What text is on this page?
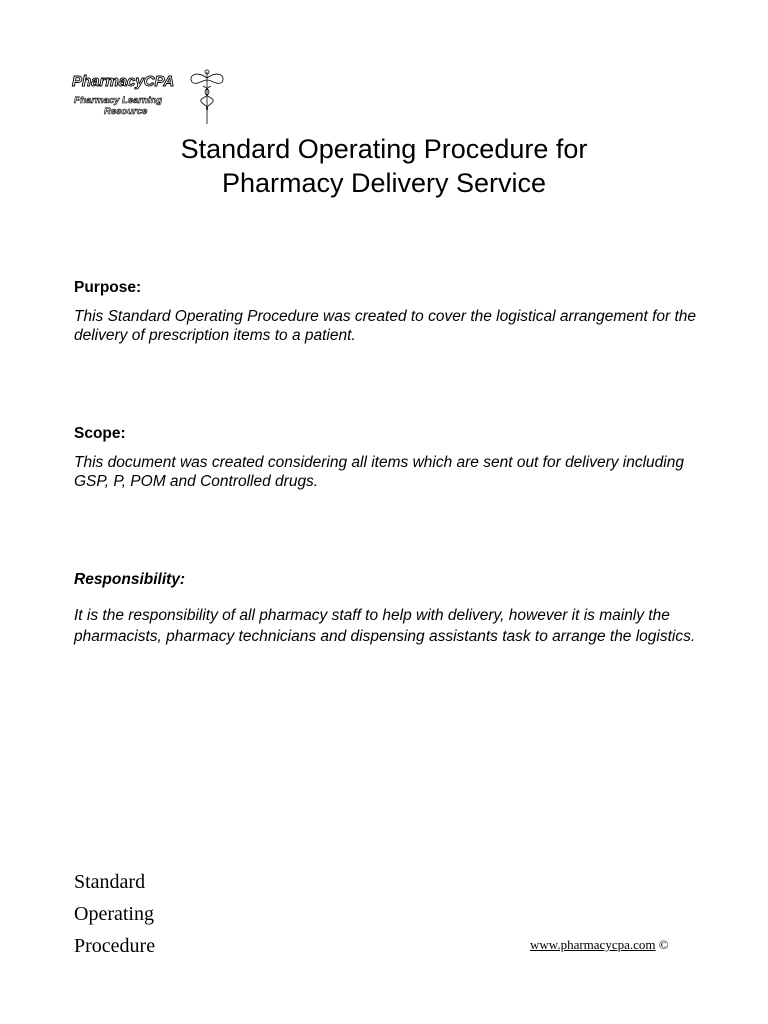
PharmacyCPA
Pharmacy Learning
Resource
Standard Operating Procedure for
Pharmacy Delivery Service
Purpose:

This Standard Operating Procedure was created to cover the logistical arrangement for the delivery of prescription items to a patient.

Scope:

This document was created considering all items which are sent out for delivery including GSP, P, POM and Controlled drugs.

Responsibility:

It is the responsibility of all pharmacy staff to help with delivery, however it is mainly the pharmacists, pharmacy technicians and dispensing assistants task to arrange the logistics.

Standard
Operating
Procedure	www.pharmacycpa.com ©
